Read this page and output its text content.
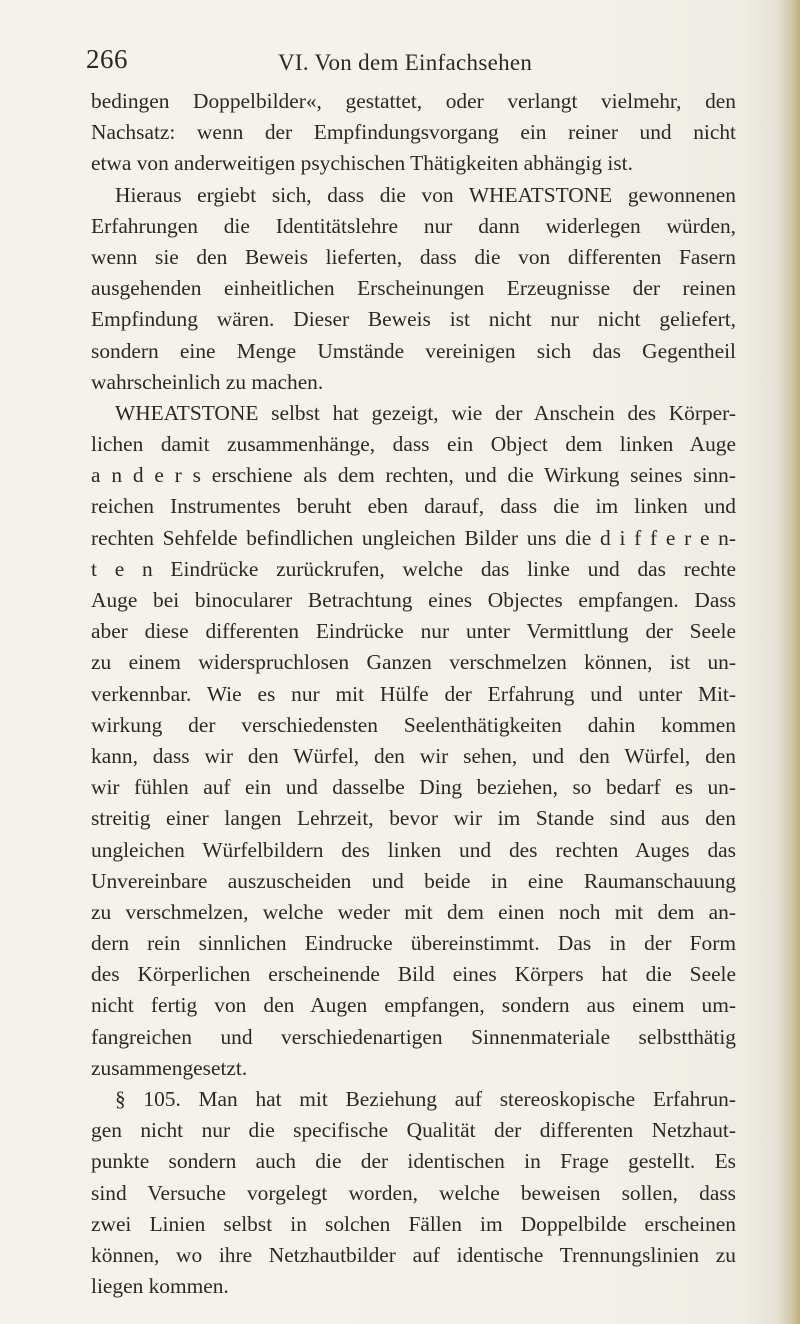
266	VI. Von dem Einfachsehen
bedingen Doppelbilder«, gestattet, oder verlangt vielmehr, den
Nachsatz: wenn der Empfindungsvorgang ein reiner und nicht
etwa von anderweitigen psychischen Thätigkeiten abhängig ist.
Hieraus ergiebt sich, dass die von WHEATSTONE gewonnenen
Erfahrungen die Identitätslehre nur dann widerlegen würden,
wenn sie den Beweis lieferten, dass die von differenten Fasern
ausgehenden einheitlichen Erscheinungen Erzeugnisse der reinen
Empfindung wären. Dieser Beweis ist nicht nur nicht geliefert,
sondern eine Menge Umstände vereinigen sich das Gegentheil
wahrscheinlich zu machen.
WHEATSTONE selbst hat gezeigt, wie der Anschein des Körper-
lichen damit zusammenhänge, dass ein Object dem linken Auge
a n d e r s erschiene als dem rechten, und die Wirkung seines sinn-
reichen Instrumentes beruht eben darauf, dass die im linken und
rechten Sehfelde befindlichen ungleichen Bilder uns die d i f f e r e n-
t e n Eindrücke zurückrufen, welche das linke und das rechte
Auge bei binocularer Betrachtung eines Objectes empfangen. Dass
aber diese differenten Eindrücke nur unter Vermittlung der Seele
zu einem widerspruchlosen Ganzen verschmelzen können, ist un-
verkennbar. Wie es nur mit Hülfe der Erfahrung und unter Mit-
wirkung der verschiedensten Seelenthätigkeiten dahin kommen
kann, dass wir den Würfel, den wir sehen, und den Würfel, den
wir fühlen auf ein und dasselbe Ding beziehen, so bedarf es un-
streitig einer langen Lehrzeit, bevor wir im Stande sind aus den
ungleichen Würfelbildern des linken und des rechten Auges das
Unvereinbare auszuscheiden und beide in eine Raumanschauung
zu verschmelzen, welche weder mit dem einen noch mit dem an-
dern rein sinnlichen Eindrucke übereinstimmt. Das in der Form
des Körperlichen erscheinende Bild eines Körpers hat die Seele
nicht fertig von den Augen empfangen, sondern aus einem um-
fangreichen und verschiedenartigen Sinnenmateriale selbstthätig
zusammengesetzt.
§ 105. Man hat mit Beziehung auf stereoskopische Erfahrun-
gen nicht nur die specifische Qualität der differenten Netzhaut-
punkte sondern auch die der identischen in Frage gestellt. Es
sind Versuche vorgelegt worden, welche beweisen sollen, dass
zwei Linien selbst in solchen Fällen im Doppelbilde erscheinen
können, wo ihre Netzhautbilder auf identische Trennungslinien zu
liegen kommen.
